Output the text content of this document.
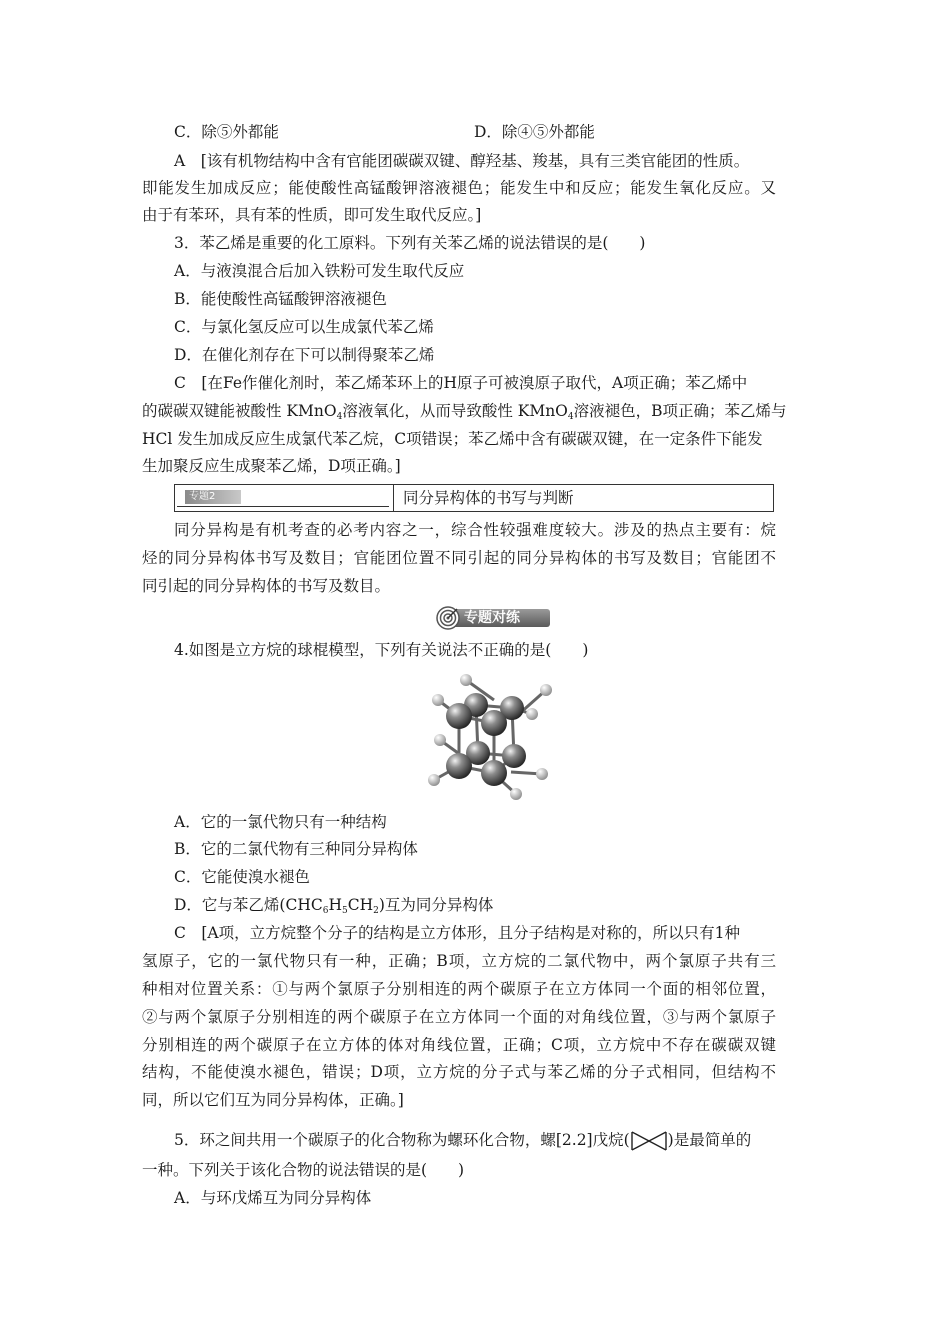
C．除⑤外都能	D．除④⑤外都能
A　[该有机物结构中含有官能团碳碳双键、醇羟基、羧基，具有三类官能团的性质。
即能发生加成反应；能使酸性高锰酸钾溶液褪色；能发生中和反应；能发生氧化反应。又
由于有苯环，具有苯的性质，即可发生取代反应。]
3．苯乙烯是重要的化工原料。下列有关苯乙烯的说法错误的是(　　)
A．与液溴混合后加入铁粉可发生取代反应
B．能使酸性高锰酸钾溶液褪色
C．与氯化氢反应可以生成氯代苯乙烯
D．在催化剂存在下可以制得聚苯乙烯
C　[在Fe作催化剂时，苯乙烯苯环上的H原子可被溴原子取代，A项正确；苯乙烯中
的碳碳双键能被酸性 KMnO$_4$溶液氧化，从而导致酸性 KMnO$_4$溶液褪色，B项正确；苯乙烯与
HCl 发生加成反应生成氯代苯乙烷，C项错误；苯乙烯中含有碳碳双键，在一定条件下能发
生加聚反应生成聚苯乙烯，D项正确。]
专题2	同分异构体的书写与判断
同分异构是有机考查的必考内容之一，综合性较强难度较大。涉及的热点主要有：烷
烃的同分异构体书写及数目；官能团位置不同引起的同分异构体的书写及数目；官能团不
同引起的同分异构体的书写及数目。
专题对练
4.如图是立方烷的球棍模型，下列有关说法不正确的是(　　)
A．它的一氯代物只有一种结构
B．它的二氯代物有三种同分异构体
C．它能使溴水褪色
D．它与苯乙烯$(CHC_6H_5CH_2)$互为同分异构体
C　[A项，立方烷整个分子的结构是立方体形，且分子结构是对称的，所以只有1种
氢原子，它的一氯代物只有一种，正确；B项，立方烷的二氯代物中，两个氯原子共有三
种相对位置关系：①与两个氯原子分别相连的两个碳原子在立方体同一个面的相邻位置，
②与两个氯原子分别相连的两个碳原子在立方体同一个面的对角线位置，③与两个氯原子
分别相连的两个碳原子在立方体的体对角线位置，正确；C项，立方烷中不存在碳碳双键
结构，不能使溴水褪色，错误；D项，立方烷的分子式与苯乙烯的分子式相同，但结构不
同，所以它们互为同分异构体，正确。]
5．环之间共用一个碳原子的化合物称为螺环化合物，螺[2.2]戊烷( )是最简单的
一种。下列关于该化合物的说法错误的是(　　)
A．与环戊烯互为同分异构体
